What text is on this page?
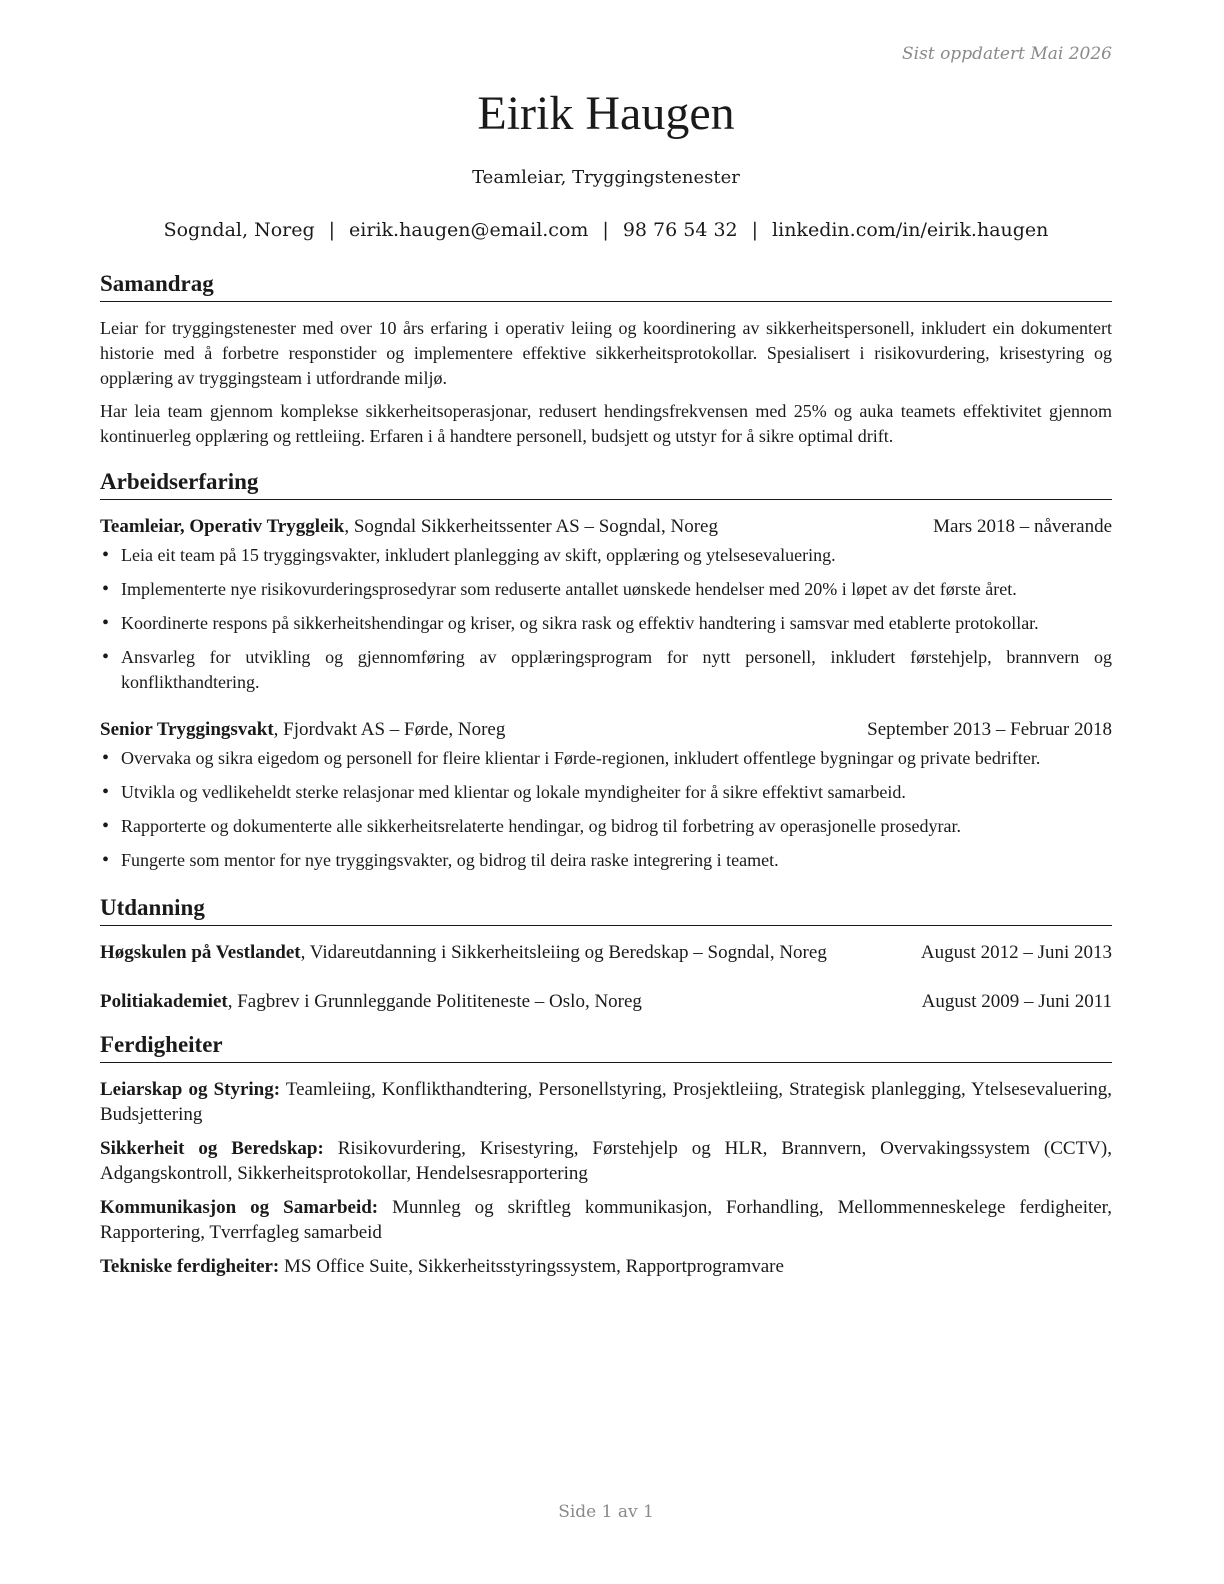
Sist oppdatert Mai 2026
Eirik Haugen
Teamleiar, Tryggingstenester
Sogndal, Noreg | eirik.haugen@email.com | 98 76 54 32 | linkedin.com/in/eirik.haugen
Samandrag

Leiar for tryggingstenester med over 10 års erfaring i operativ leiing og koordinering av sikkerheitspersonell, inkludert ein dokumentert historie med å forbetre responstider og implementere effektive sikkerheitsprotokollar. Spesialisert i risikovurdering, krisestyring og opplæring av tryggingsteam i utfordrande miljø.

Har leia team gjennom komplekse sikkerheitsoperasjonar, redusert hendingsfrekvensen med 25% og auka teamets effektivitet gjennom kontinuerleg opplæring og rettleiing. Erfaren i å handtere personell, budsjett og utstyr for å sikre optimal drift.

Arbeidserfaring
Teamleiar, Operativ Tryggleik, Sogndal Sikkerheitssenter AS – Sogndal, Noreg	Mars 2018 – nåverande
• Leia eit team på 15 tryggingsvakter, inkludert planlegging av skift, opplæring og ytelsesevaluering.
• Implementerte nye risikovurderingsprosedyrar som reduserte antallet uønskede hendelser med 20% i løpet av det første året.
• Koordinerte respons på sikkerheitshendingar og kriser, og sikra rask og effektiv handtering i samsvar med etablerte protokollar.
• Ansvarleg for utvikling og gjennomføring av opplæringsprogram for nytt personell, inkludert førstehjelp, brannvern og konflikthandtering.
Senior Tryggingsvakt, Fjordvakt AS – Førde, Noreg	September 2013 – Februar 2018
• Overvaka og sikra eigedom og personell for fleire klientar i Førde-regionen, inkludert offentlege bygningar og private bedrifter.
• Utvikla og vedlikeheldt sterke relasjonar med klientar og lokale myndigheiter for å sikre effektivt samarbeid.
• Rapporterte og dokumenterte alle sikkerheitsrelaterte hendingar, og bidrog til forbetring av operasjonelle prosedyrar.
• Fungerte som mentor for nye tryggingsvakter, og bidrog til deira raske integrering i teamet.
Utdanning
Høgskulen på Vestlandet, Vidareutdanning i Sikkerheitsleiing og Beredskap – Sogndal, Noreg	August 2012 – Juni 2013
Politiakademiet, Fagbrev i Grunnleggande Polititeneste – Oslo, Noreg	August 2009 – Juni 2011
Ferdigheiter

Leiarskap og Styring: Teamleiing, Konflikthandtering, Personellstyring, Prosjektleiing, Strategisk planlegging, Ytelsesevaluering, Budsjettering

Sikkerheit og Beredskap: Risikovurdering, Krisestyring, Førstehjelp og HLR, Brannvern, Overvakingssystem (CCTV), Adgangskontroll, Sikkerheitsprotokollar, Hendelsesrapportering

Kommunikasjon og Samarbeid: Munnleg og skriftleg kommunikasjon, Forhandling, Mellommenneskelege ferdigheiter, Rapportering, Tverrfagleg samarbeid

Tekniske ferdigheiter: MS Office Suite, Sikkerheitsstyringssystem, Rapportprogramvare

Side 1 av 1
